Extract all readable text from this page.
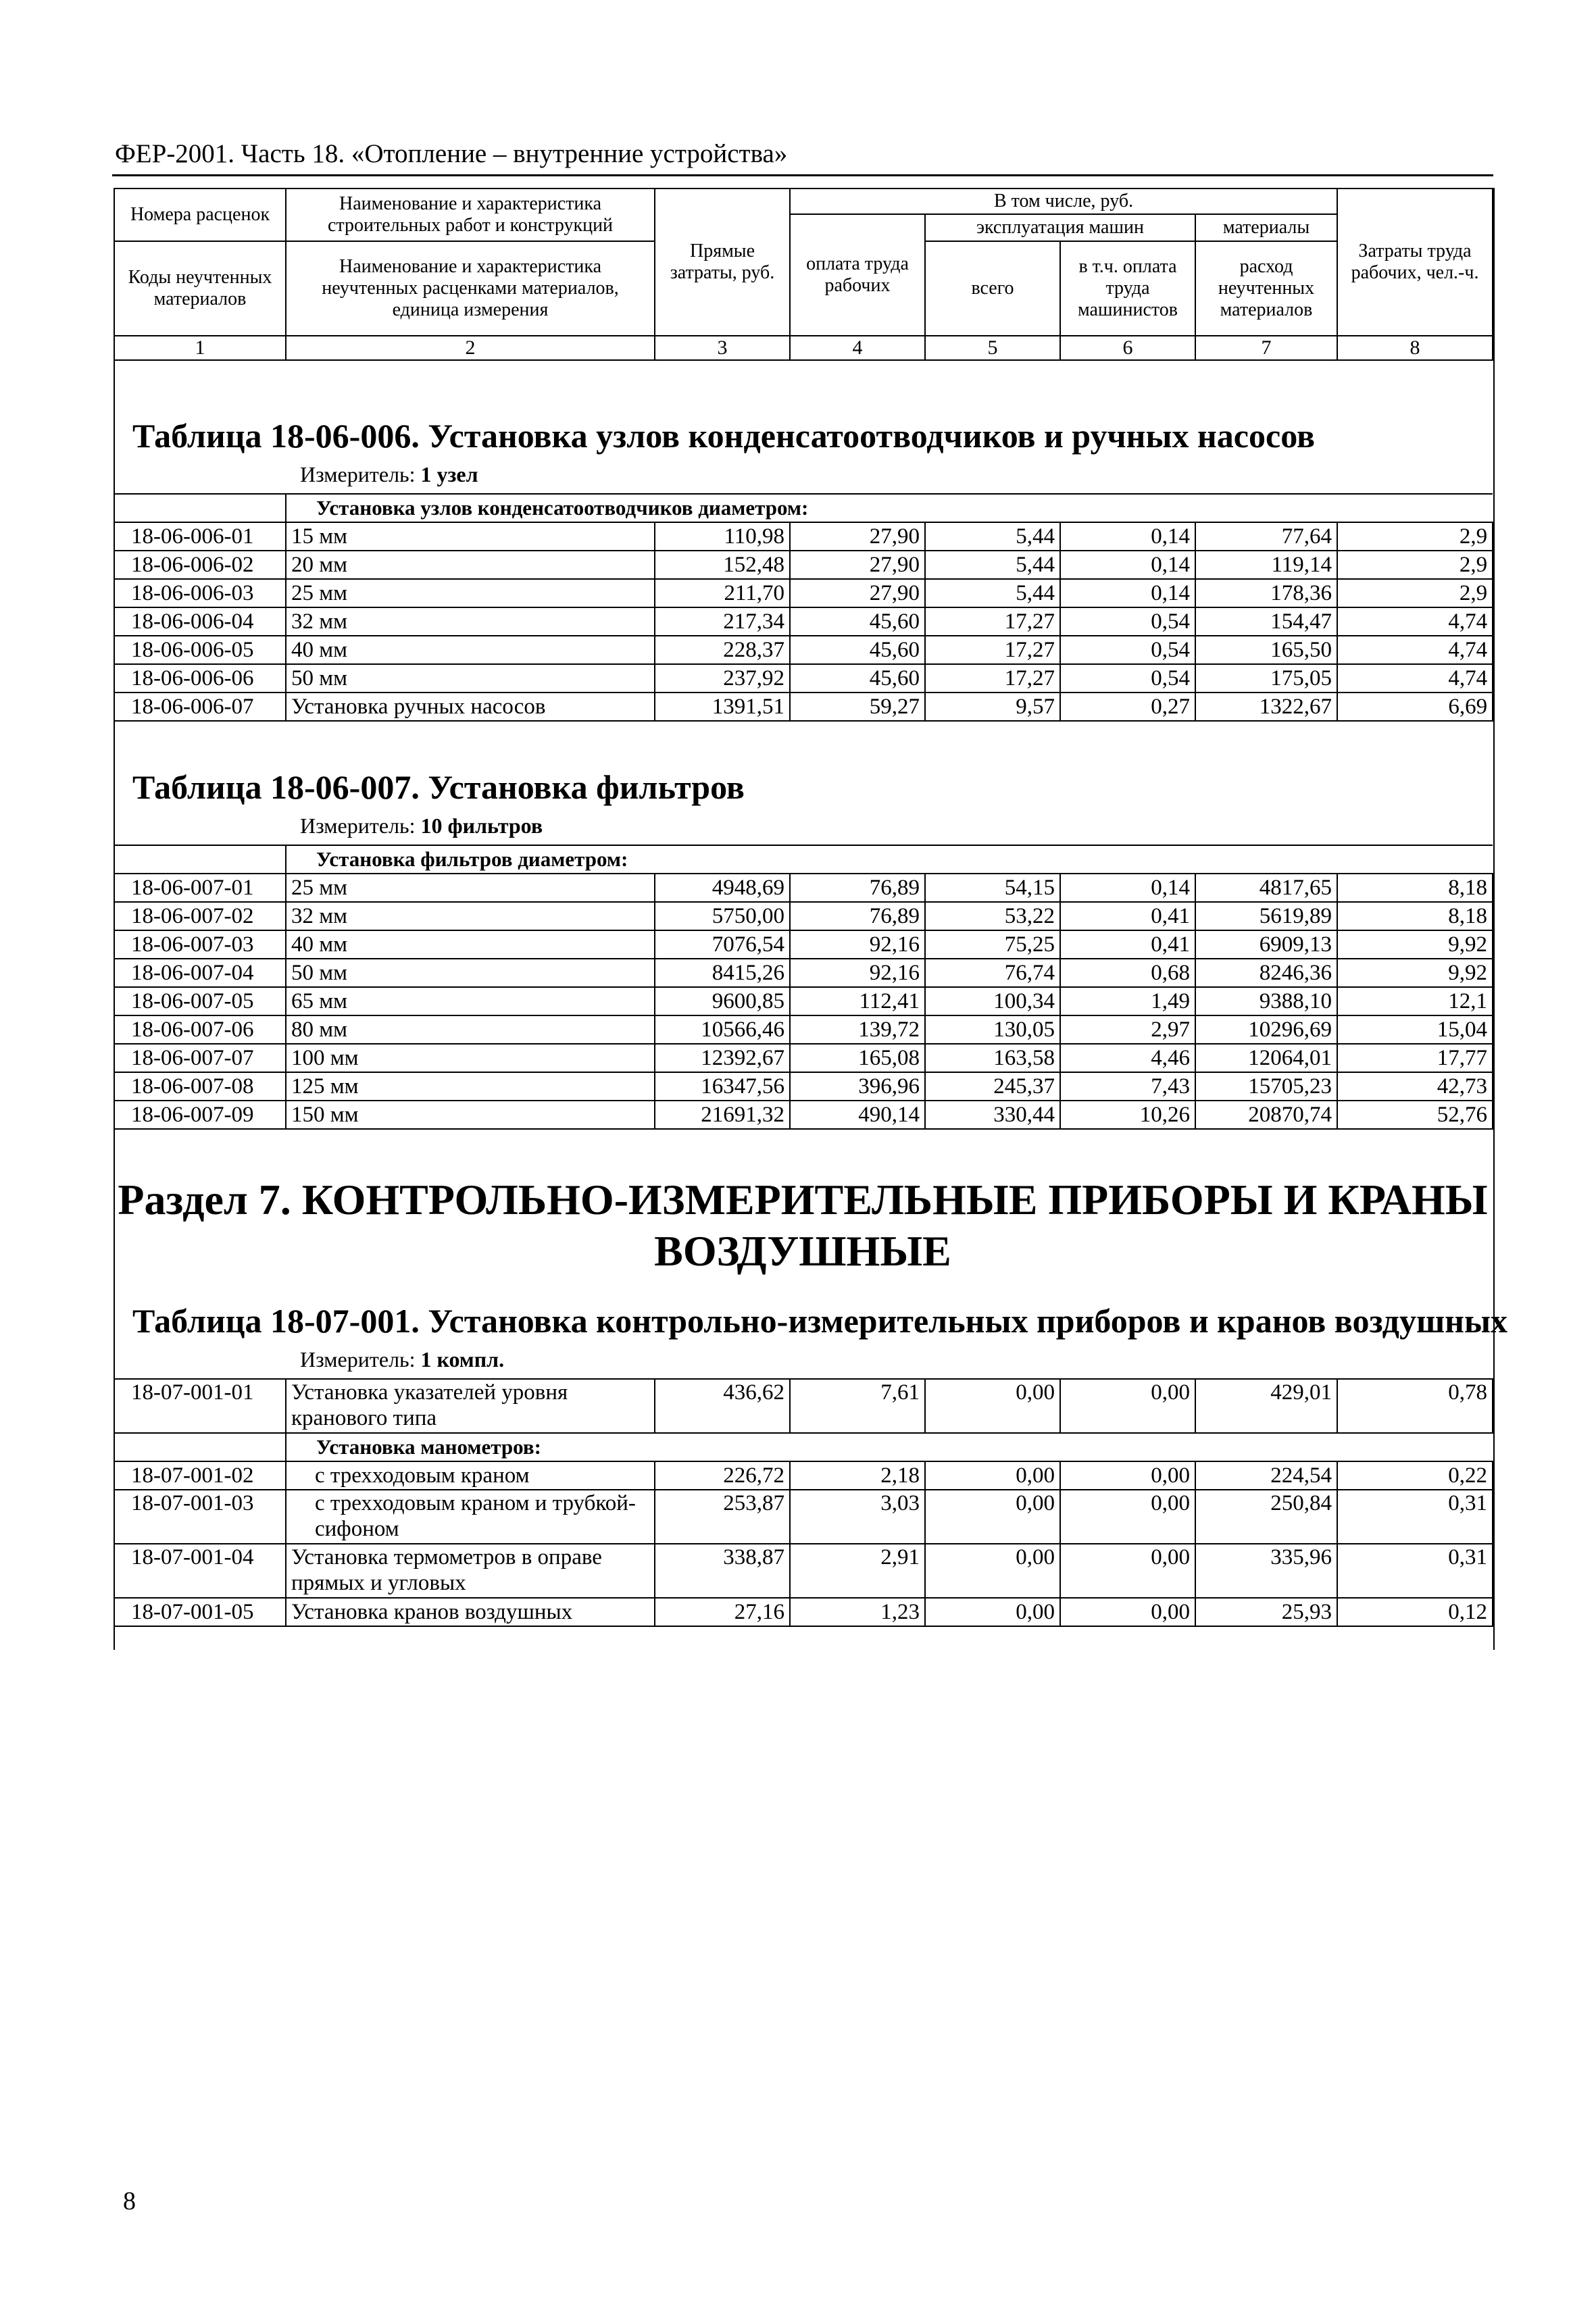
ФЕР-2001. Часть 18. «Отопление – внутренние устройства»
Номера расценок	Наименование и характеристика строительных работ и конструкций	Прямые затраты, руб.	В том числе, руб.				Затраты труда рабочих, чел.-ч.
			оплата труда рабочих	эксплуатация машин		материалы	
Коды неучтенных материалов	Наименование и характеристика неучтенных расценками материалов, единица измерения			всего	в т.ч. оплата труда машинистов	расход неучтенных материалов	

1	2	3	4	5	6	7	8
Таблица 18-06-006. Установка узлов конденсатоотводчиков и ручных насосов
Измеритель: 1 узел
	Установка узлов конденсатоотводчиков диаметром:						
18-06-006-01	15 мм	110,98	27,90	5,44	0,14	77,64	2,9
18-06-006-02	20 мм	152,48	27,90	5,44	0,14	119,14	2,9
18-06-006-03	25 мм	211,70	27,90	5,44	0,14	178,36	2,9
18-06-006-04	32 мм	217,34	45,60	17,27	0,54	154,47	4,74
18-06-006-05	40 мм	228,37	45,60	17,27	0,54	165,50	4,74
18-06-006-06	50 мм	237,92	45,60	17,27	0,54	175,05	4,74
18-06-006-07	Установка ручных насосов	1391,51	59,27	9,57	0,27	1322,67	6,69
Таблица 18-06-007. Установка фильтров
Измеритель: 10 фильтров
	Установка фильтров диаметром:						
18-06-007-01	25 мм	4948,69	76,89	54,15	0,14	4817,65	8,18
18-06-007-02	32 мм	5750,00	76,89	53,22	0,41	5619,89	8,18
18-06-007-03	40 мм	7076,54	92,16	75,25	0,41	6909,13	9,92
18-06-007-04	50 мм	8415,26	92,16	76,74	0,68	8246,36	9,92
18-06-007-05	65 мм	9600,85	112,41	100,34	1,49	9388,10	12,1
18-06-007-06	80 мм	10566,46	139,72	130,05	2,97	10296,69	15,04
18-06-007-07	100 мм	12392,67	165,08	163,58	4,46	12064,01	17,77
18-06-007-08	125 мм	16347,56	396,96	245,37	7,43	15705,23	42,73
18-06-007-09	150 мм	21691,32	490,14	330,44	10,26	20870,74	52,76
Раздел 7. КОНТРОЛЬНО-ИЗМЕРИТЕЛЬНЫЕ ПРИБОРЫ И КРАНЫ
ВОЗДУШНЫЕ
Таблица 18-07-001. Установка контрольно-измерительных приборов и кранов воздушных
Измеритель: 1 компл.
18-07-001-01	Установка указателей уровня кранового типа	436,62	7,61	0,00	0,00	429,01	0,78
	Установка манометров:						
18-07-001-02	с трехходовым краном	226,72	2,18	0,00	0,00	224,54	0,22
18-07-001-03	с трехходовым краном и трубкой-сифоном	253,87	3,03	0,00	0,00	250,84	0,31
18-07-001-04	Установка термометров в оправе прямых и угловых	338,87	2,91	0,00	0,00	335,96	0,31
18-07-001-05	Установка кранов воздушных	27,16	1,23	0,00	0,00	25,93	0,12
8
